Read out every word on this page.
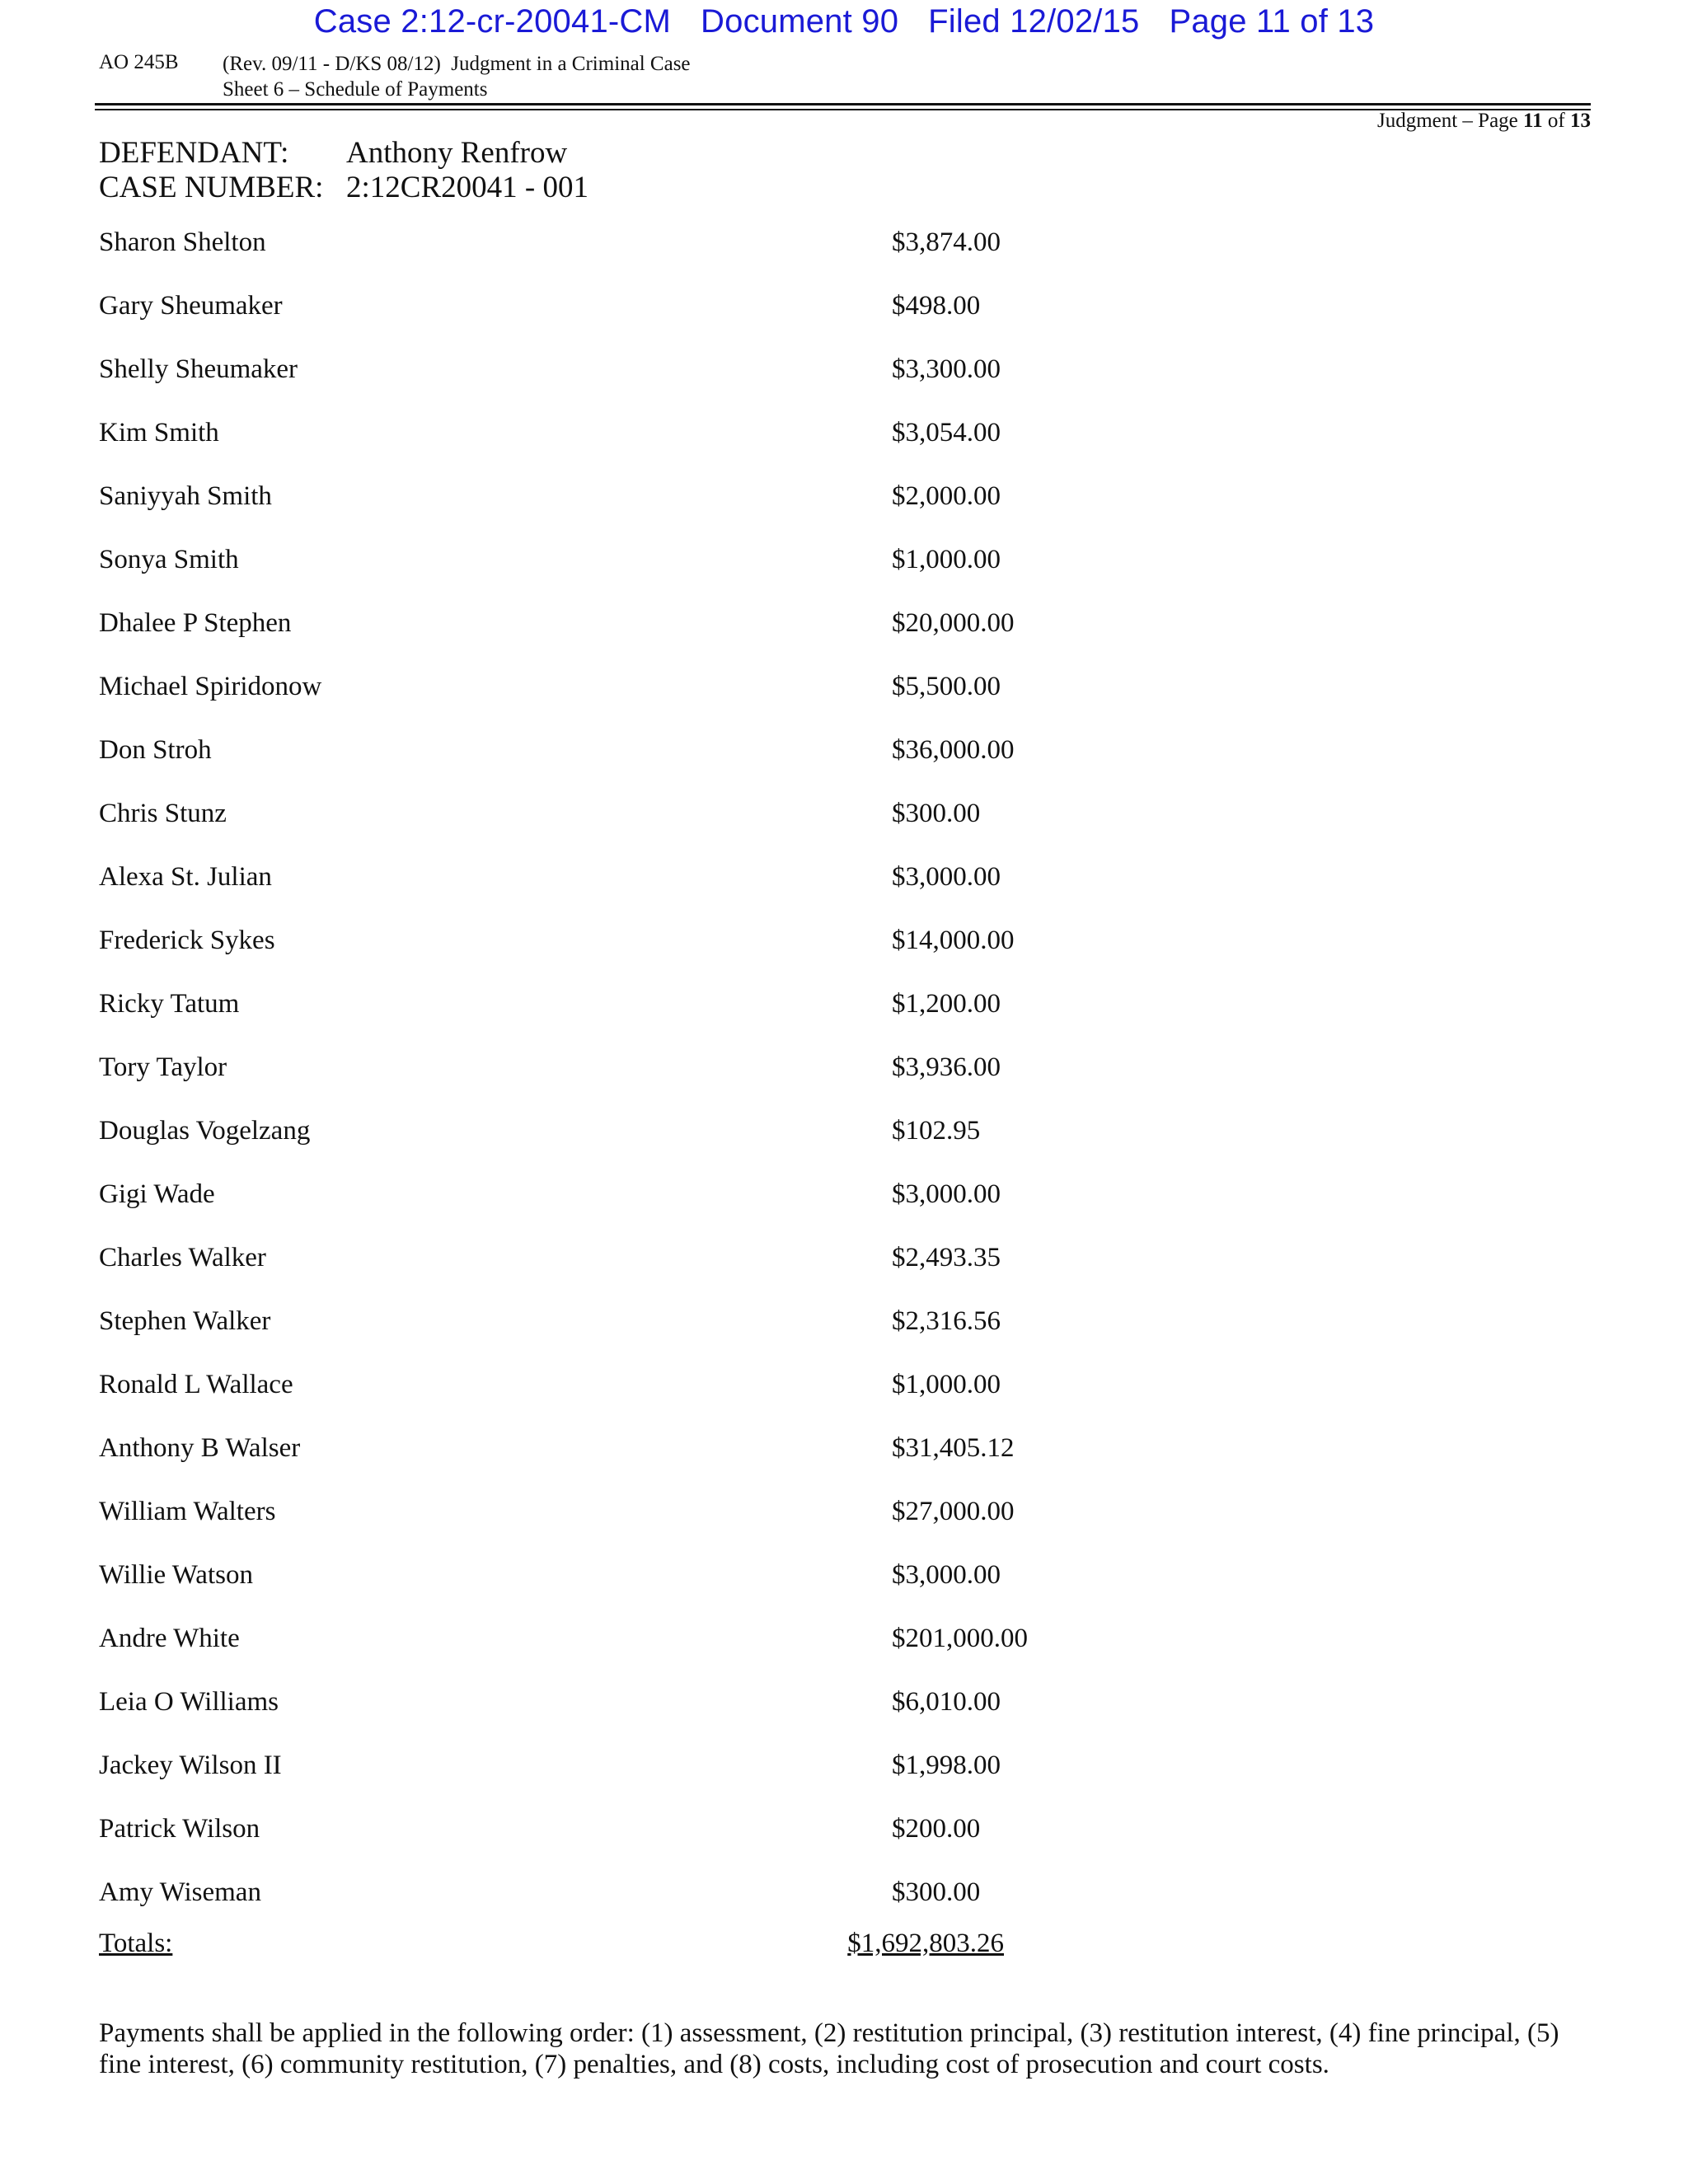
Case 2:12-cr-20041-CM Document 90 Filed 12/02/15 Page 11 of 13
AO 245B (Rev. 09/11 - D/KS 08/12)  Judgment in a Criminal Case
Sheet 6 – Schedule of Payments
Judgment – Page 11 of 13
DEFENDANT: Anthony Renfrow
CASE NUMBER: 2:12CR20041 - 001
Sharon Shelton	$3,874.00
Gary Sheumaker	$498.00
Shelly Sheumaker	$3,300.00
Kim Smith	$3,054.00
Saniyyah Smith	$2,000.00
Sonya Smith	$1,000.00
Dhalee P Stephen	$20,000.00
Michael Spiridonow	$5,500.00
Don Stroh	$36,000.00
Chris Stunz	$300.00
Alexa St. Julian	$3,000.00
Frederick Sykes	$14,000.00
Ricky Tatum	$1,200.00
Tory Taylor	$3,936.00
Douglas Vogelzang	$102.95
Gigi Wade	$3,000.00
Charles Walker	$2,493.35
Stephen Walker	$2,316.56
Ronald L Wallace	$1,000.00
Anthony B Walser	$31,405.12
William Walters	$27,000.00
Willie Watson	$3,000.00
Andre White	$201,000.00
Leia O Williams	$6,010.00
Jackey Wilson II	$1,998.00
Patrick Wilson	$200.00
Amy Wiseman	$300.00
Totals:	$1,692,803.26
Payments shall be applied in the following order: (1) assessment, (2) restitution principal, (3) restitution interest, (4) fine principal, (5) fine interest, (6) community restitution, (7) penalties, and (8) costs, including cost of prosecution and court costs.
